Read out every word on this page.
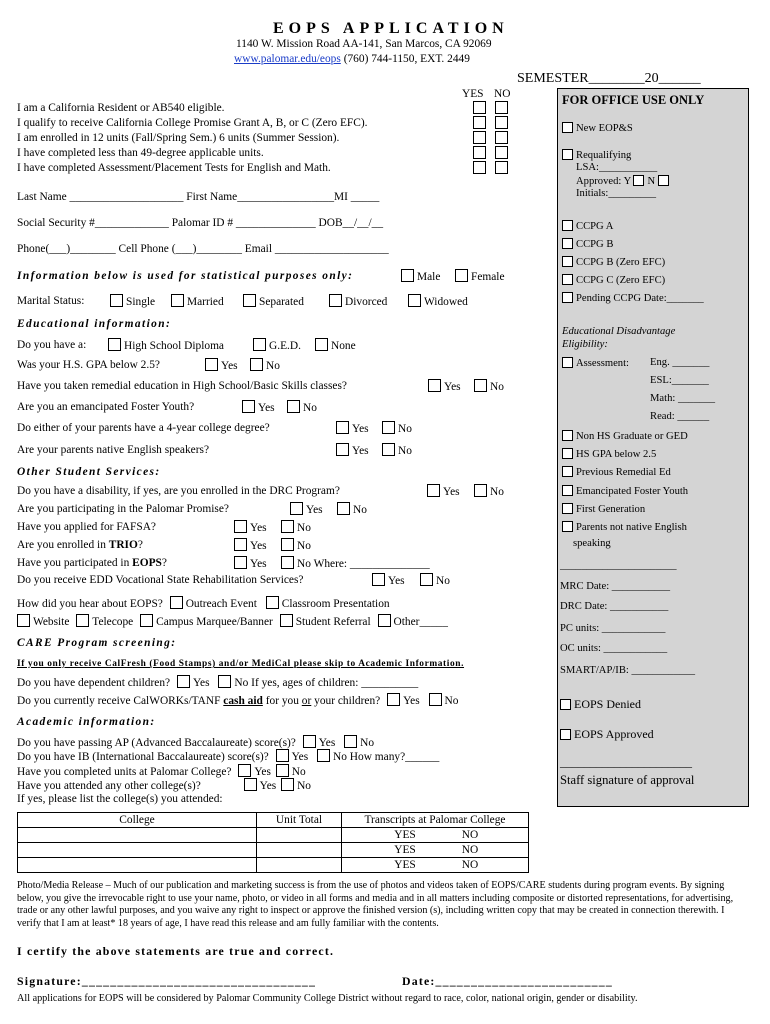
EOPS APPLICATION
1140 W. Mission Road AA-141, San Marcos, CA 92069
www.palomar.edu/eops (760) 744-1150, EXT. 2449
SEMESTER________20______
YES NO
I am a California Resident or AB540 eligible.
I qualify to receive California College Promise Grant A, B, or C (Zero EFC).
I am enrolled in 12 units (Fall/Spring Sem.) 6 units (Summer Session).
I have completed less than 49-degree applicable units.
I have completed Assessment/Placement Tests for English and Math.
Last Name ____________________ First Name_________________MI _____
Social Security #_____________ Palomar ID # ______________ DOB__/__/__
Phone(___)________ Cell Phone (___)________ Email ____________________
Information below is used for statistical purposes only:	Male	Female
Marital Status:	Single	Married	Separated	Divorced	Widowed
Educational information:
Do you have a:	High School Diploma	G.E.D.	None
Was your H.S. GPA below 2.5?	Yes	No
Have you taken remedial education in High School/Basic Skills classes?	Yes	No
Are you an emancipated Foster Youth?	Yes	No
Do either of your parents have a 4-year college degree?	Yes	No
Are your parents native English speakers?	Yes	No
Other Student Services:
Do you have a disability, if yes, are you enrolled in the DRC Program?	Yes	No
Are you participating in the Palomar Promise?	Yes	No
Have you applied for FAFSA?	Yes	No
Are you enrolled in TRIO?	Yes	No
Have you participated in EOPS?	Yes	No Where: ______________
Do you receive EDD Vocational State Rehabilitation Services?	Yes	No
How did you hear about EOPS? Outreach Event Classroom Presentation
Website Telecope Campus Marquee/Banner Student Referral Other_____
CARE Program screening:
If you only receive CalFresh (Food Stamps) and/or MediCal please skip to Academic Information.
Do you have dependent children? Yes No If yes, ages of children: __________
Do you currently receive CalWORKs/TANF cash aid for you or your children? Yes No
Academic information:
Do you have passing AP (Advanced Baccalaureate) score(s)? Yes No
Do you have IB (International Baccalaureate) score(s)? Yes No How many?______
Have you completed units at Palomar College? Yes No
Have you attended any other college(s)?	Yes No
If yes, please list the college(s) you attended:
College	Unit Total	Transcripts at Palomar College
		YES NO
		YES NO
		YES NO
Photo/Media Release – Much of our publication and marketing success is from the use of photos and videos taken of EOPS/CARE students during program events. By signing below, you give the irrevocable right to use your name, photo, or video in all forms and media and in all matters including composite or distorted representations, for advertising, trade or any other lawful purposes, and you waive any right to inspect or approve the finished version (s), including written copy that may be created in connection therewith. I verify that I am at least* 18 years of age, I have read this release and am fully familiar with the contents.
I certify the above statements are true and correct.
Signature:_________________________________	Date:_________________________
All applications for EOPS will be considered by Palomar Community College District without regard to race, color, national origin, gender or disability.
FOR OFFICE USE ONLY
New EOP&S
Requalifying
LSA:___________
Approved: Y N
Initials:_________
CCPG A
CCPG B
CCPG B (Zero EFC)
CCPG C (Zero EFC)
Pending CCPG Date:_______
Educational Disadvantage Eligibility:
Assessment: Eng. _______
ESL:_______
Math: _______
Read: ______
Non HS Graduate or GED
HS GPA below 2.5
Previous Remedial Ed
Emancipated Foster Youth
First Generation
Parents not native English
speaking
______________________
MRC Date: ___________
DRC Date: ___________
PC units: ____________
OC units: ____________
SMART/AP/IB: ____________
EOPS Denied
EOPS Approved
______________________
Staff signature of approval
